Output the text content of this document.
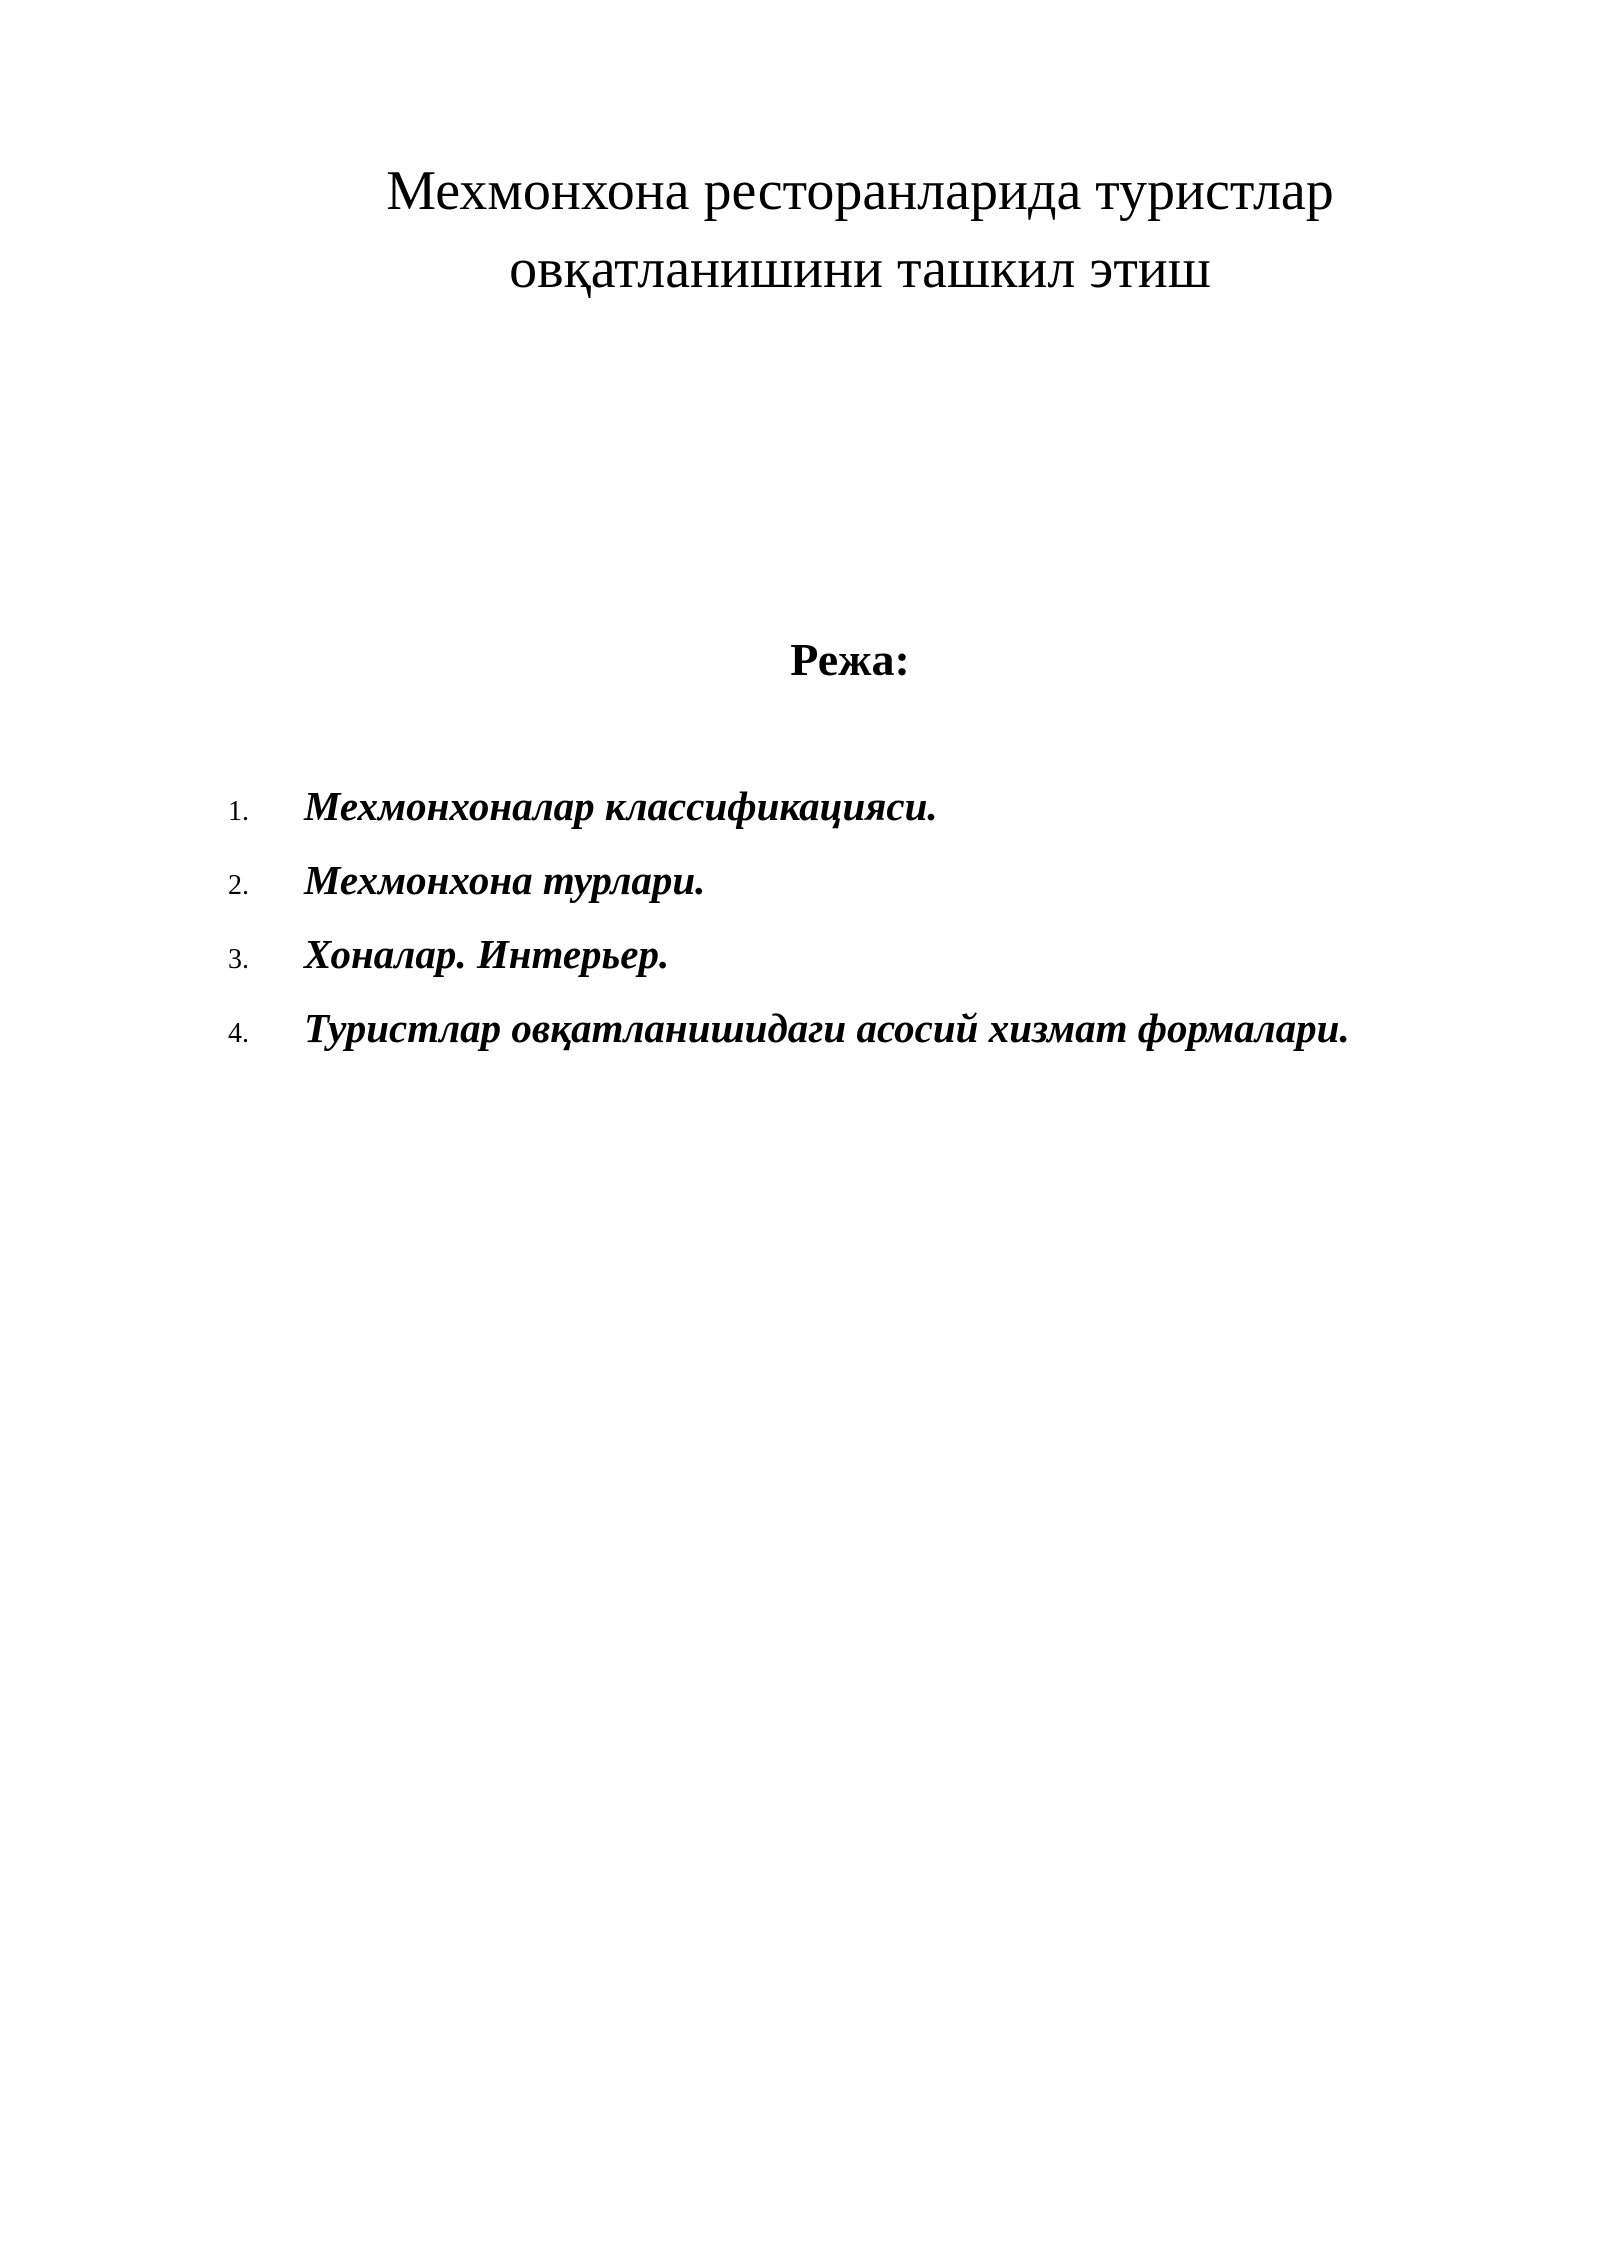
Мехмонхона ресторанларида туристлар
овқатланишини ташкил этиш
Режа:
1.	Мехмонхоналар классификацияси.
2.	Мехмонхона турлари.
3.	Хоналар. Интерьер.
4.	Туристлар овқатланишидаги асосий хизмат формалари.
